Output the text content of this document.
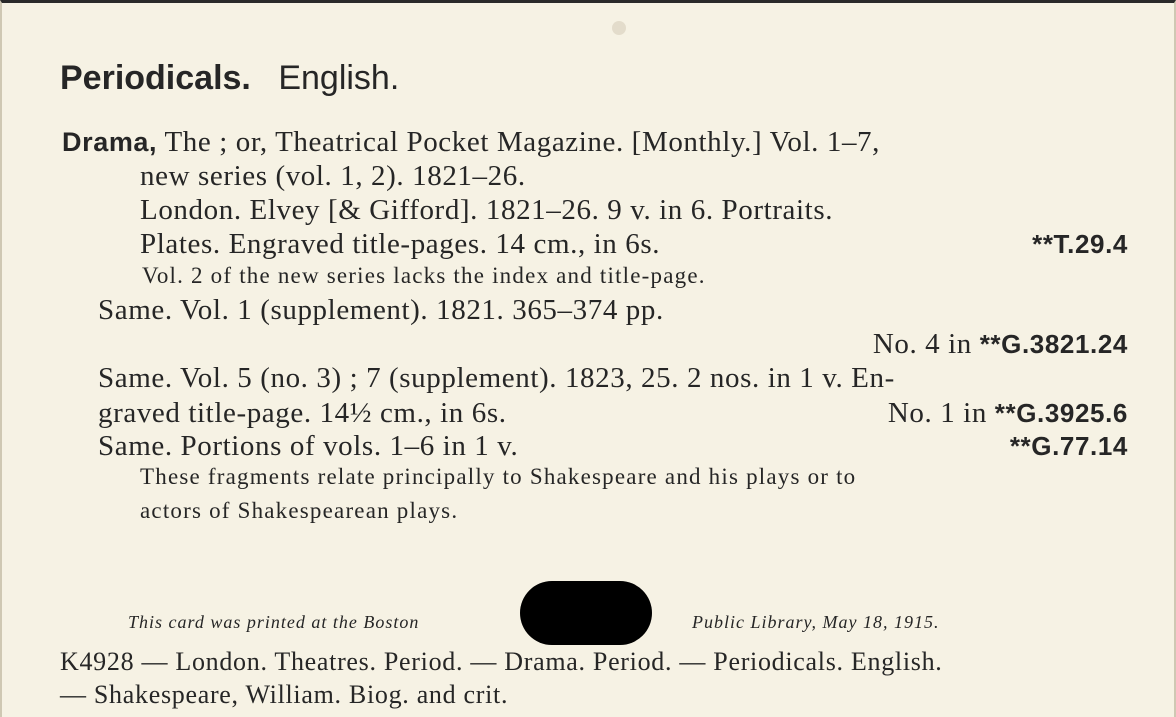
Periodicals. English.
Drama, The ; or, Theatrical Pocket Magazine. [Monthly.] Vol. 1–7,
new series (vol. 1, 2). 1821–26.
London. Elvey [& Gifford]. 1821–26. 9 v. in 6. Portraits.
Plates. Engraved title-pages. 14 cm., in 6s.	**T.29.4
Vol. 2 of the new series lacks the index and title-page.
Same. Vol. 1 (supplement). 1821. 365–374 pp.
No. 4 in **G.3821.24
Same. Vol. 5 (no. 3) ; 7 (supplement). 1823, 25. 2 nos. in 1 v. En-
graved title-page. 14½ cm., in 6s.	No. 1 in **G.3925.6
Same. Portions of vols. 1–6 in 1 v.	**G.77.14
These fragments relate principally to Shakespeare and his plays or to
actors of Shakespearean plays.
This card was printed at the Boston	Public Library, May 18, 1915.
K4928 — London. Theatres. Period. — Drama. Period. — Periodicals. English.
— Shakespeare, William. Biog. and crit.
